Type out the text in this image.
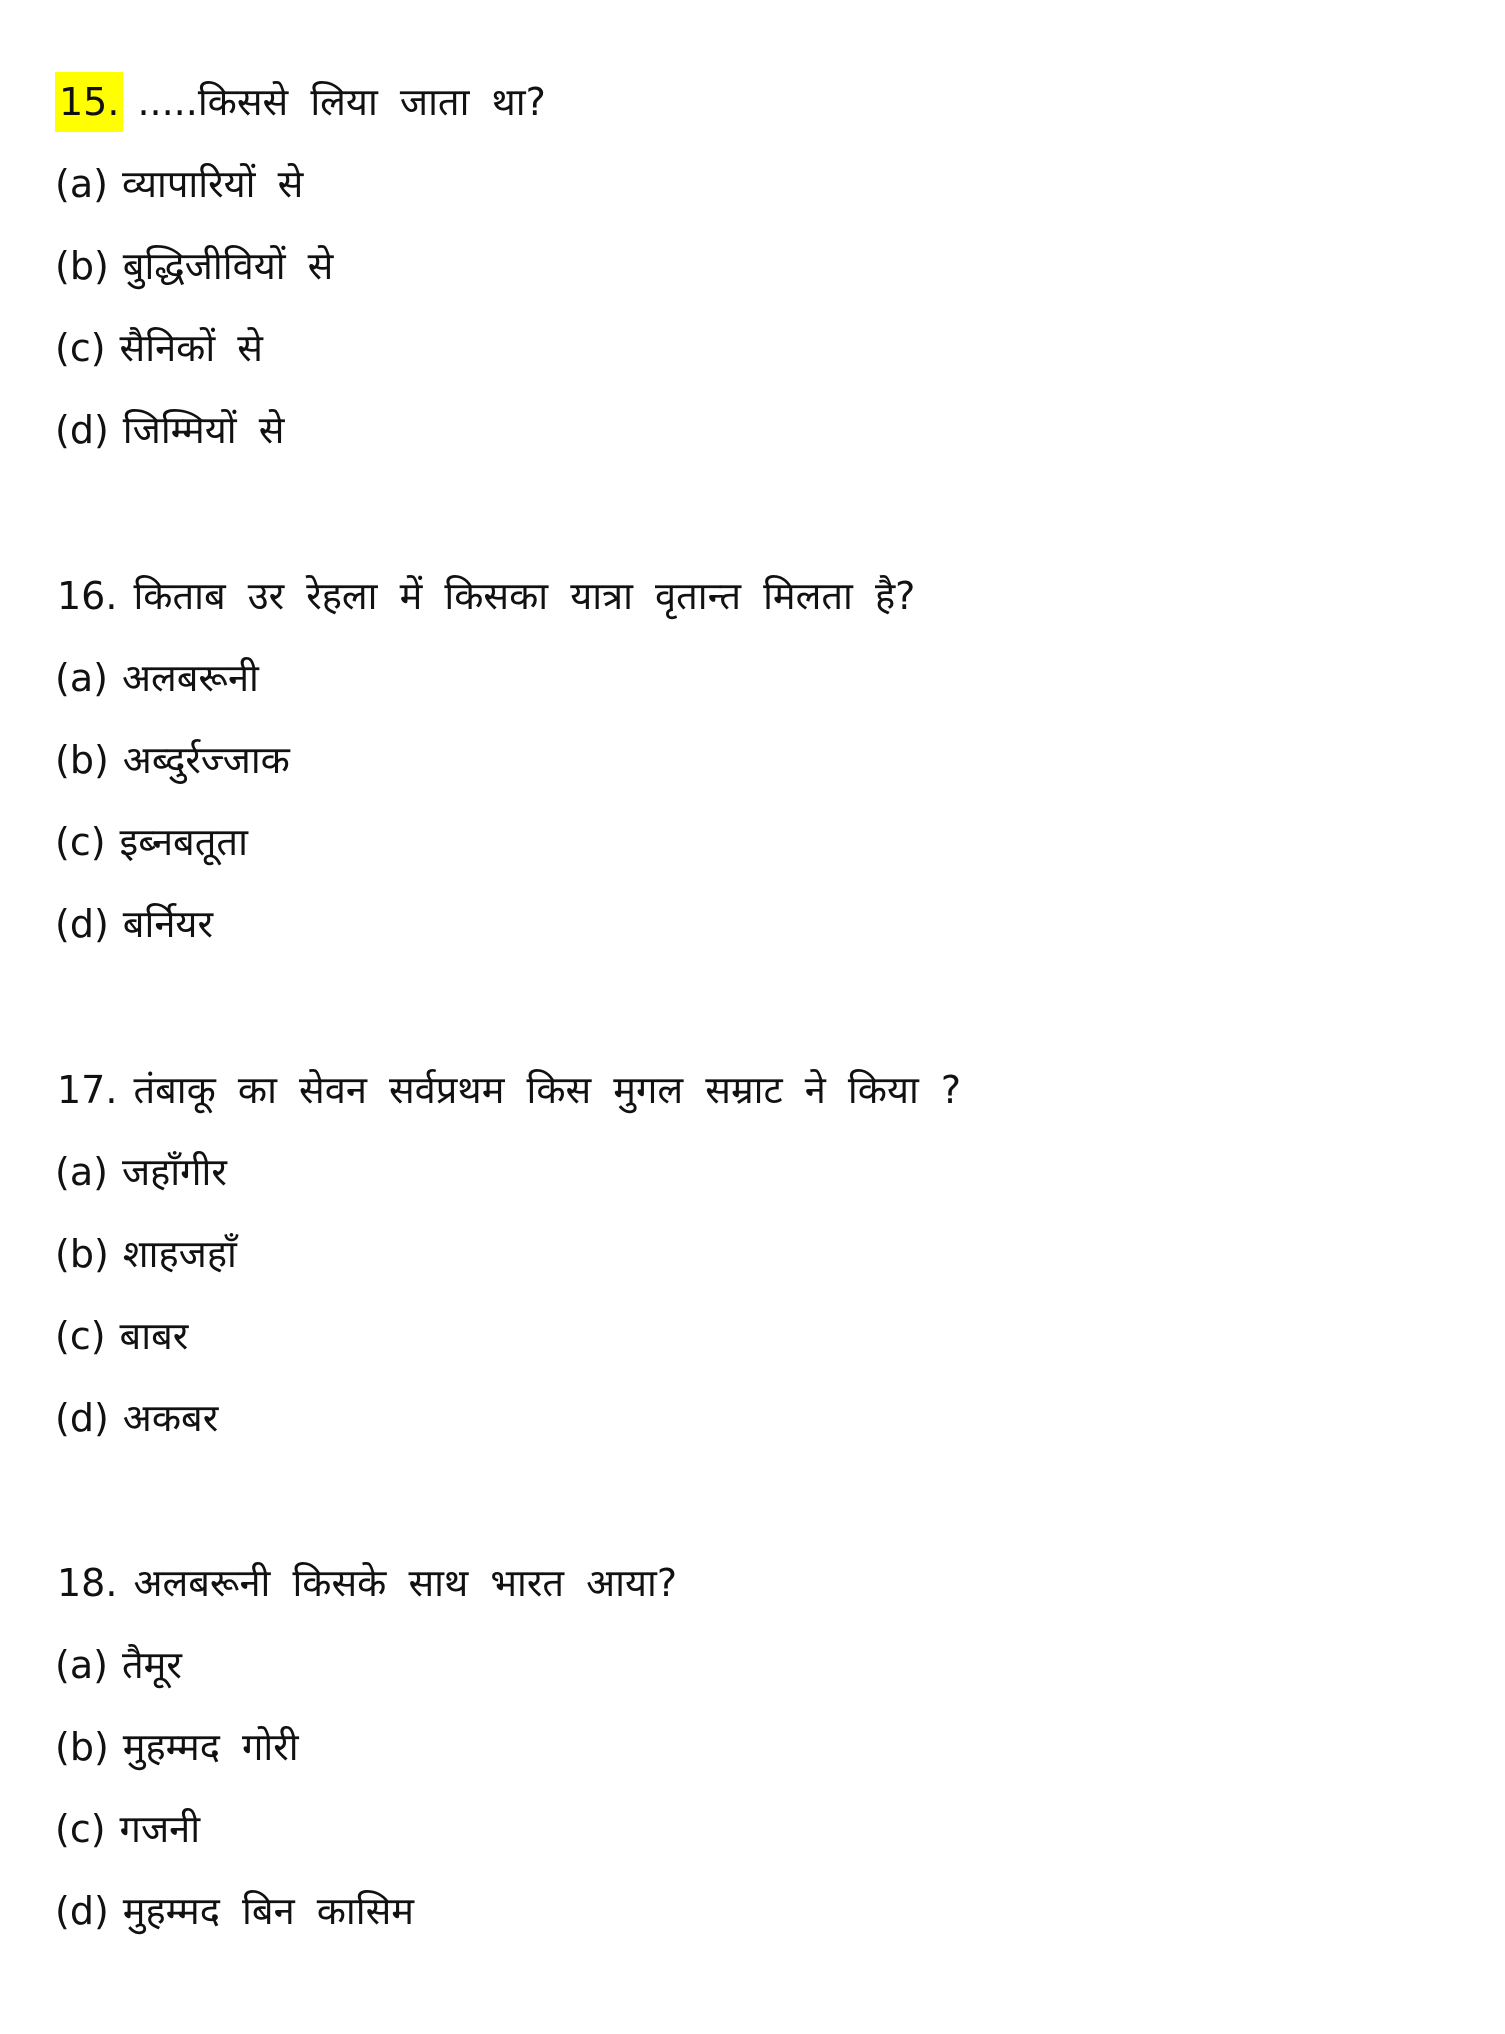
15. .....किससे लिया जाता था?
(a) व्यापारियों से
(b) बुद्धिजीवियों से
(c) सैनिकों से
(d) जिम्मियों से
16. किताब उर रेहला में किसका यात्रा वृतान्त मिलता है?
(a) अलबरूनी
(b) अब्दुर्रज्जाक
(c) इब्नबतूता
(d) बर्नियर
17. तंबाकू का सेवन सर्वप्रथम किस मुगल सम्राट ने किया ?
(a) जहाँगीर
(b) शाहजहाँ
(c) बाबर
(d) अकबर
18. अलबरूनी किसके साथ भारत आया?
(a) तैमूर
(b) मुहम्मद गोरी
(c) गजनी
(d) मुहम्मद बिन कासिम
